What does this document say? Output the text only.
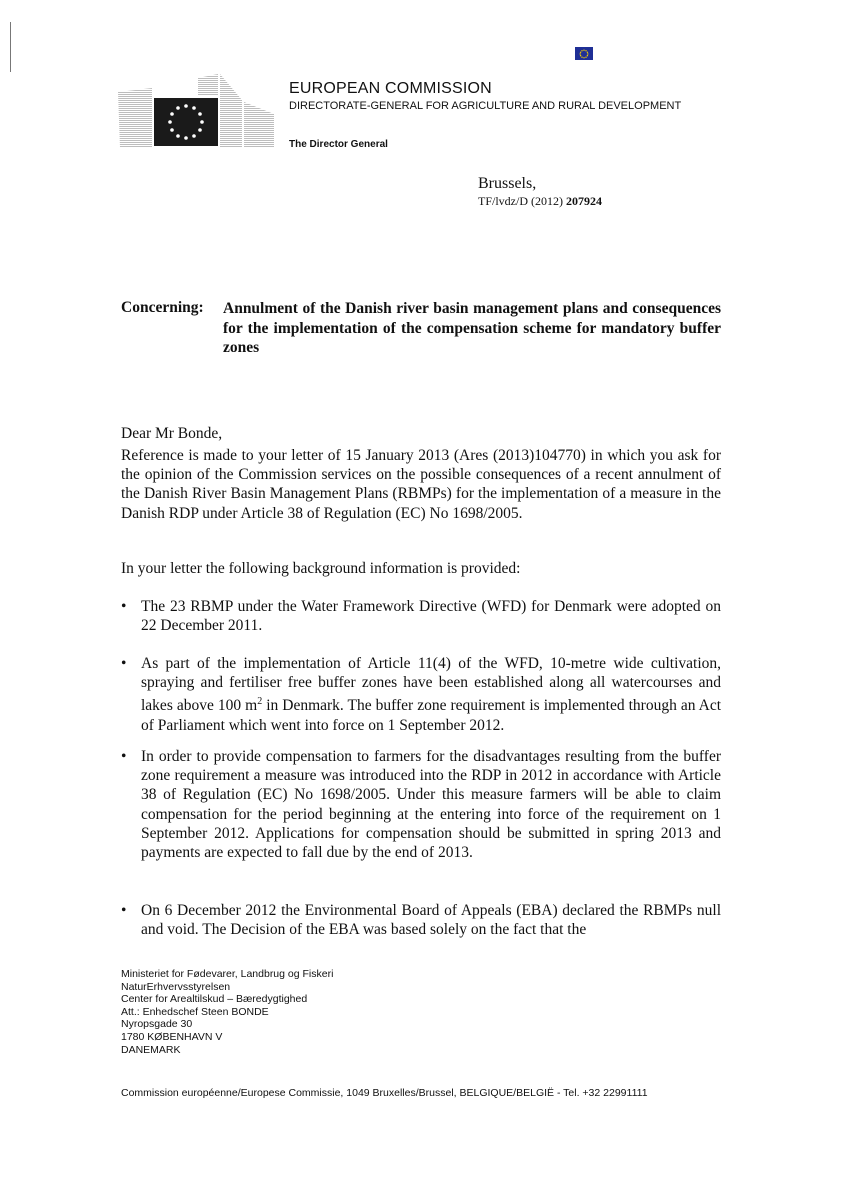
EUROPEAN COMMISSION
DIRECTORATE-GENERAL FOR AGRICULTURE AND RURAL DEVELOPMENT
The Director General
Brussels,
TF/lvdz/D (2012) 207924
Concerning: Annulment of the Danish river basin management plans and consequences for the implementation of the compensation scheme for mandatory buffer zones

Dear Mr Bonde,

Reference is made to your letter of 15 January 2013 (Ares (2013)104770) in which you ask for the opinion of the Commission services on the possible consequences of a recent annulment of the Danish River Basin Management Plans (RBMPs) for the implementation of a measure in the Danish RDP under Article 38 of Regulation (EC) No 1698/2005.

In your letter the following background information is provided:

• The 23 RBMP under the Water Framework Directive (WFD) for Denmark were adopted on 22 December 2011.
• As part of the implementation of Article 11(4) of the WFD, 10-metre wide cultivation, spraying and fertiliser free buffer zones have been established along all watercourses and lakes above 100 $m^2$ in Denmark. The buffer zone requirement is implemented through an Act of Parliament which went into force on 1 September 2012.
• In order to provide compensation to farmers for the disadvantages resulting from the buffer zone requirement a measure was introduced into the RDP in 2012 in accordance with Article 38 of Regulation (EC) No 1698/2005. Under this measure farmers will be able to claim compensation for the period beginning at the entering into force of the requirement on 1 September 2012. Applications for compensation should be submitted in spring 2013 and payments are expected to fall due by the end of 2013.
• On 6 December 2012 the Environmental Board of Appeals (EBA) declared the RBMPs null and void. The Decision of the EBA was based solely on the fact that the
Ministeriet for Fødevarer, Landbrug og Fiskeri
NaturErhvervsstyrelsen
Center for Arealtilskud – Bæredygtighed
Att.: Enhedschef Steen BONDE
Nyropsgade 30
1780 KØBENHAVN V
DANEMARK
Commission européenne/Europese Commissie, 1049 Bruxelles/Brussel, BELGIQUE/BELGIË - Tel. +32 22991111
